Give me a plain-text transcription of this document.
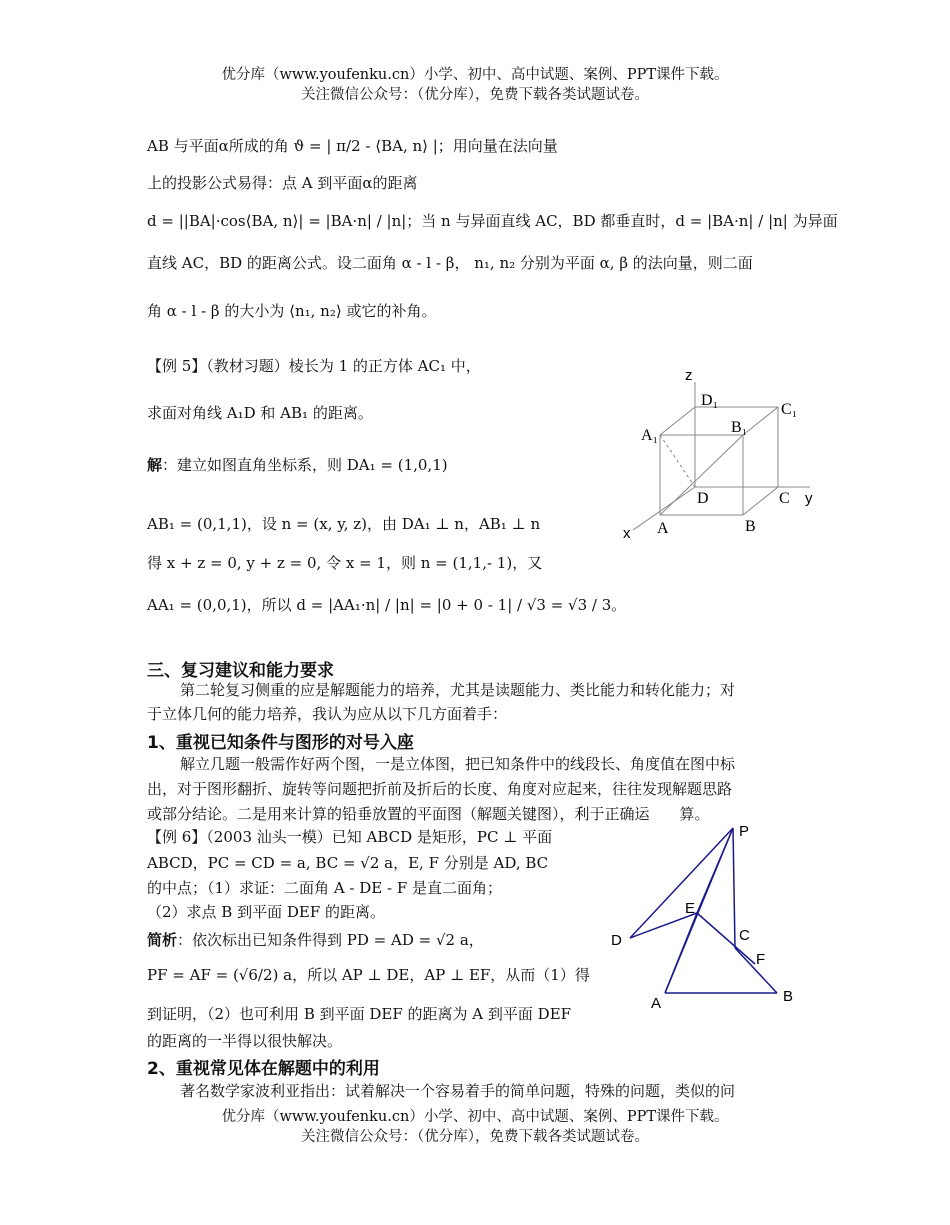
优分库（www.youfenku.cn）小学、初中、高中试题、案例、PPT课件下载。
关注微信公众号：（优分库），免费下载各类试题试卷。
AB 与平面α所成的角 ϑ = | π/2 - ⟨BA, n⟩ |；用向量在法向量
上的投影公式易得：点 A 到平面α的距离
d = ||BA|·cos⟨BA, n⟩| = |BA·n| / |n|；当 n 与异面直线 AC，BD 都垂直时，d = |BA·n| / |n| 为异面
直线 AC，BD 的距离公式。设二面角 α - l - β， n₁, n₂ 分别为平面 α, β 的法向量，则二面
角 α - l - β 的大小为 ⟨n₁, n₂⟩ 或它的补角。
【例 5】（教材习题）棱长为 1 的正方体 AC₁ 中，
求面对角线 A₁D 和 AB₁ 的距离。
解：建立如图直角坐标系，则 DA₁ = (1,0,1)
AB₁ = (0,1,1)，设 n = (x, y, z)，由 DA₁ ⊥ n，AB₁ ⊥ n
得 x + z = 0, y + z = 0, 令 x = 1，则 n = (1,1,- 1)，又
AA₁ = (0,0,1)，所以 d = |AA₁·n| / |n| = |0 + 0 - 1| / √3 = √3 / 3。
z
D₁
C₁
A₁	B₁
D	C y
A	B
x
三、复习建议和能力要求
第二轮复习侧重的应是解题能力的培养，尤其是读题能力、类比能力和转化能力；对
于立体几何的能力培养，我认为应从以下几方面着手：
1、重视已知条件与图形的对号入座
解立几题一般需作好两个图，一是立体图，把已知条件中的线段长、角度值在图中标
出，对于图形翻折、旋转等问题把折前及折后的长度、角度对应起来，往往发现解题思路
或部分结论。二是用来计算的铅垂放置的平面图（解题关键图），利于正确运　　算。
【例 6】（2003 汕头一模）已知 ABCD 是矩形，PC ⊥ 平面
ABCD，PC = CD = a, BC = √2 a，E, F 分别是 AD, BC
的中点；（1）求证：二面角 A - DE - F 是直二面角；
（2）求点 B 到平面 DEF 的距离。
简析：依次标出已知条件得到 PD = AD = √2 a，
PF = AF = (√6/2) a，所以 AP ⊥ DE，AP ⊥ EF，从而（1）得
到证明，（2）也可利用 B 到平面 DEF 的距离为 A 到平面 DEF
的距离的一半得以很快解决。
P
E
D	C
F
A	B
2、重视常见体在解题中的利用
著名数学家波利亚指出：试着解决一个容易着手的简单问题，特殊的问题，类似的问
优分库（www.youfenku.cn）小学、初中、高中试题、案例、PPT课件下载。
关注微信公众号：（优分库），免费下载各类试题试卷。
